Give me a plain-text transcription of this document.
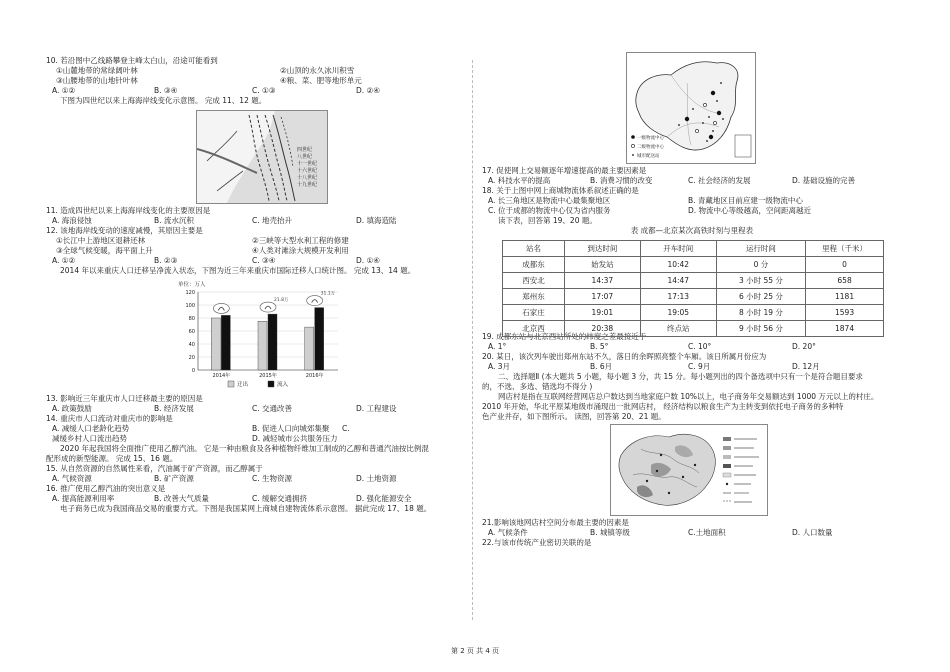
10. 若沿图中乙线路攀登主峰太白山，沿途可能看到
①山麓地带的常绿阔叶林	②山顶的永久冰川积雪
③山腰地带的山地针叶林	④粮、菜、肥等地形单元
A. ①②	B. ③④	C. ①③	D. ②④
下图为四世纪以来上海海岸线变化示意图。 完成 11、12 题。
四世纪
八世纪
十一世纪
十六世纪
十八世纪
十九世纪
11. 造成四世纪以来上海海岸线变化的主要原因是
A. 海浪侵蚀	B. 流水沉积	C. 地壳抬升	D. 填海造陆
12. 该地海岸线变动的速度减慢，其原因主要是
①长江中上游地区退耕还林	②三峡等大型水利工程的修建
③全球气候变暖，海平面上升	④人类对滩涂大规模开发利用
A. ①②	B. ②③	C. ③④	D. ①④
2014 年以来重庆人口迁移呈净流入状态，下图为近三年来重庆市国际迁移人口统计图。 完成 13、14 题。
单位：万人
0
20
40
60
80
100
120
2014年	2015年
21.8万
2016年
31.1万
迁出	流入
13. 影响近三年重庆市人口迁移最主要的原因是
A. 政策鼓励	B. 经济发展	C. 交通改善	D. 工程建设
14. 重庆市人口流动对重庆市的影响是
A. 减缓人口老龄化趋势	B. 促进人口向城郊集聚 C.
减缓乡村人口流出趋势	D. 减轻城市公共服务压力
2020 年起我国将全面推广使用乙醇汽油。 它是一种由粮食及各种植物纤维加工制成的乙醇和普通汽油按比例混
配形成的新型能源。 完成 15、16 题。
15. 从自然资源的自然属性来看，汽油属于矿产资源，而乙醇属于
A. 气候资源	B. 矿产资源	C. 生物资源	D. 土地资源
16. 推广使用乙醇汽油的突出意义是
A. 提高能源利用率	B. 改善大气质量	C. 缓解交通拥挤	D. 强化能源安全
电子商务已成为我国商品交易的重要方式。下图是我国某网上商城自建物流体系示意图。 据此完成 17、18 题。
一级物流中心
二级物流中心
城市配送站
17. 促使网上交易额逐年增速提高的最主要因素是
A. 科技水平的提高	B. 消费习惯的改变	C. 社会经济的发展	D. 基础设施的完善
18. 关于上图中网上商城物流体系叙述正确的是
A. 长三角地区是物流中心最集聚地区	B. 青藏地区目前应建一级物流中心
C. 位于成都的物流中心仅为省内服务	D. 物流中心等级越高，空间距离越近
读下表，回答第 19、20 题。
表 成都—北京某次高铁时刻与里程表
站名	到达时间	开车时间	运行时间	里程（千米）
成都东	始发站	10:42	0 分	0
西安北	14:37	14:47	3 小时 55 分	658
郑州东	17:07	17:13	6 小时 25 分	1181
石家庄	19:01	19:05	8 小时 19 分	1593
北京西	20:38	终点站	9 小时 56 分	1874
19. 成都东站与北京西站所处的纬度之差最接近于
A. 1°	B. 5°	C. 10°	D. 20°
20. 某日，该次列车驶出郑州东站不久，落日的余晖照亮整个车厢。该日所属月份应为
A. 3月	B. 6月	C. 9月	D. 12月
二、选择题Ⅱ (本大题共 5 小题，每小题 3 分，共 15 分。每小题列出的四个备选项中只有一个是符合题目要求
的，不选、多选、错选均不得分 )
网店村是指在互联网经营网店总户数达到当地家庭户数 10%以上，电子商务年交易额达到 1000 万元以上的村庄。
2010 年开始，华北平原某地级市涌现出一批网店村， 经济结构以粮食生产为主转变到依托电子商务的多种特
色产业并存，如下图所示。 读图，回答第 20、21 题。
21.影响该地网店村空间分布最主要的因素是
A. 气候条件	B. 城镇等级	C.土地面积	D. 人口数量
22.与该市传统产业密切关联的是
第 2 页 共 4 页
